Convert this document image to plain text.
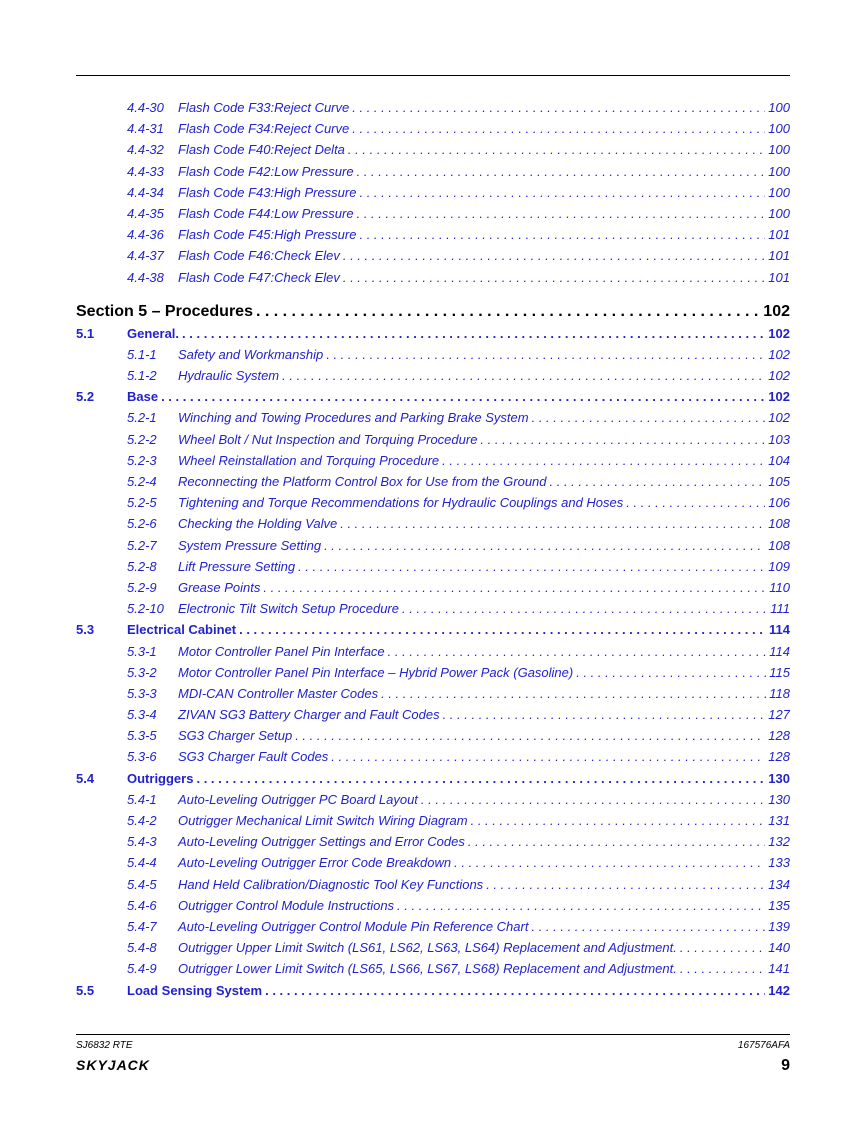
4.4-30	Flash Code F33:Reject Curve . . .	100
4.4-31	Flash Code F34:Reject Curve . . .	100
4.4-32	Flash Code F40:Reject Delta . . .	100
4.4-33	Flash Code F42:Low Pressure . . .	100
4.4-34	Flash Code F43:High Pressure . . .	100
4.4-35	Flash Code F44:Low Pressure . . .	100
4.4-36	Flash Code F45:High Pressure . . .	101
4.4-37	Flash Code F46:Check Elev . . .	101
4.4-38	Flash Code F47:Check Elev . . .	101
Section 5 – Procedures . . .	102
5.1	General. . . .	102
5.1-1	Safety and Workmanship . . .	102
5.1-2	Hydraulic System . . .	102
5.2	Base . . .	102
5.2-1	Winching and Towing Procedures and Parking Brake System . . .	102
5.2-2	Wheel Bolt / Nut Inspection and Torquing Procedure . . .	103
5.2-3	Wheel Reinstallation and Torquing Procedure . . .	104
5.2-4	Reconnecting the Platform Control Box for Use from the Ground . . .	105
5.2-5	Tightening and Torque Recommendations for Hydraulic Couplings and Hoses . . .	106
5.2-6	Checking the Holding Valve . . .	108
5.2-7	System Pressure Setting . . .	108
5.2-8	Lift Pressure Setting . . .	109
5.2-9	Grease Points . . .	110
5.2-10	Electronic Tilt Switch Setup Procedure . . .	111
5.3	Electrical Cabinet . . .	114
5.3-1	Motor Controller Panel Pin Interface . . .	114
5.3-2	Motor Controller Panel Pin Interface – Hybrid Power Pack (Gasoline) . . .	115
5.3-3	MDI-CAN Controller Master Codes . . .	118
5.3-4	ZIVAN SG3 Battery Charger and Fault Codes . . .	127
5.3-5	SG3 Charger Setup . . .	128
5.3-6	SG3 Charger Fault Codes . . .	128
5.4	Outriggers . . .	130
5.4-1	Auto-Leveling Outrigger PC Board Layout . . .	130
5.4-2	Outrigger Mechanical Limit Switch Wiring Diagram . . .	131
5.4-3	Auto-Leveling Outrigger Settings and Error Codes . . .	132
5.4-4	Auto-Leveling Outrigger Error Code Breakdown . . .	133
5.4-5	Hand Held Calibration/Diagnostic Tool Key Functions . . .	134
5.4-6	Outrigger Control Module Instructions . . .	135
5.4-7	Auto-Leveling Outrigger Control Module Pin Reference Chart . . .	139
5.4-8	Outrigger Upper Limit Switch (LS61, LS62, LS63, LS64) Replacement and Adjustment. . . .	140
5.4-9	Outrigger Lower Limit Switch (LS65, LS66, LS67, LS68) Replacement and Adjustment. . . .	141
5.5	Load Sensing System . . .	142
SJ6832 RTE	167576AFA
SKYJACK	9
